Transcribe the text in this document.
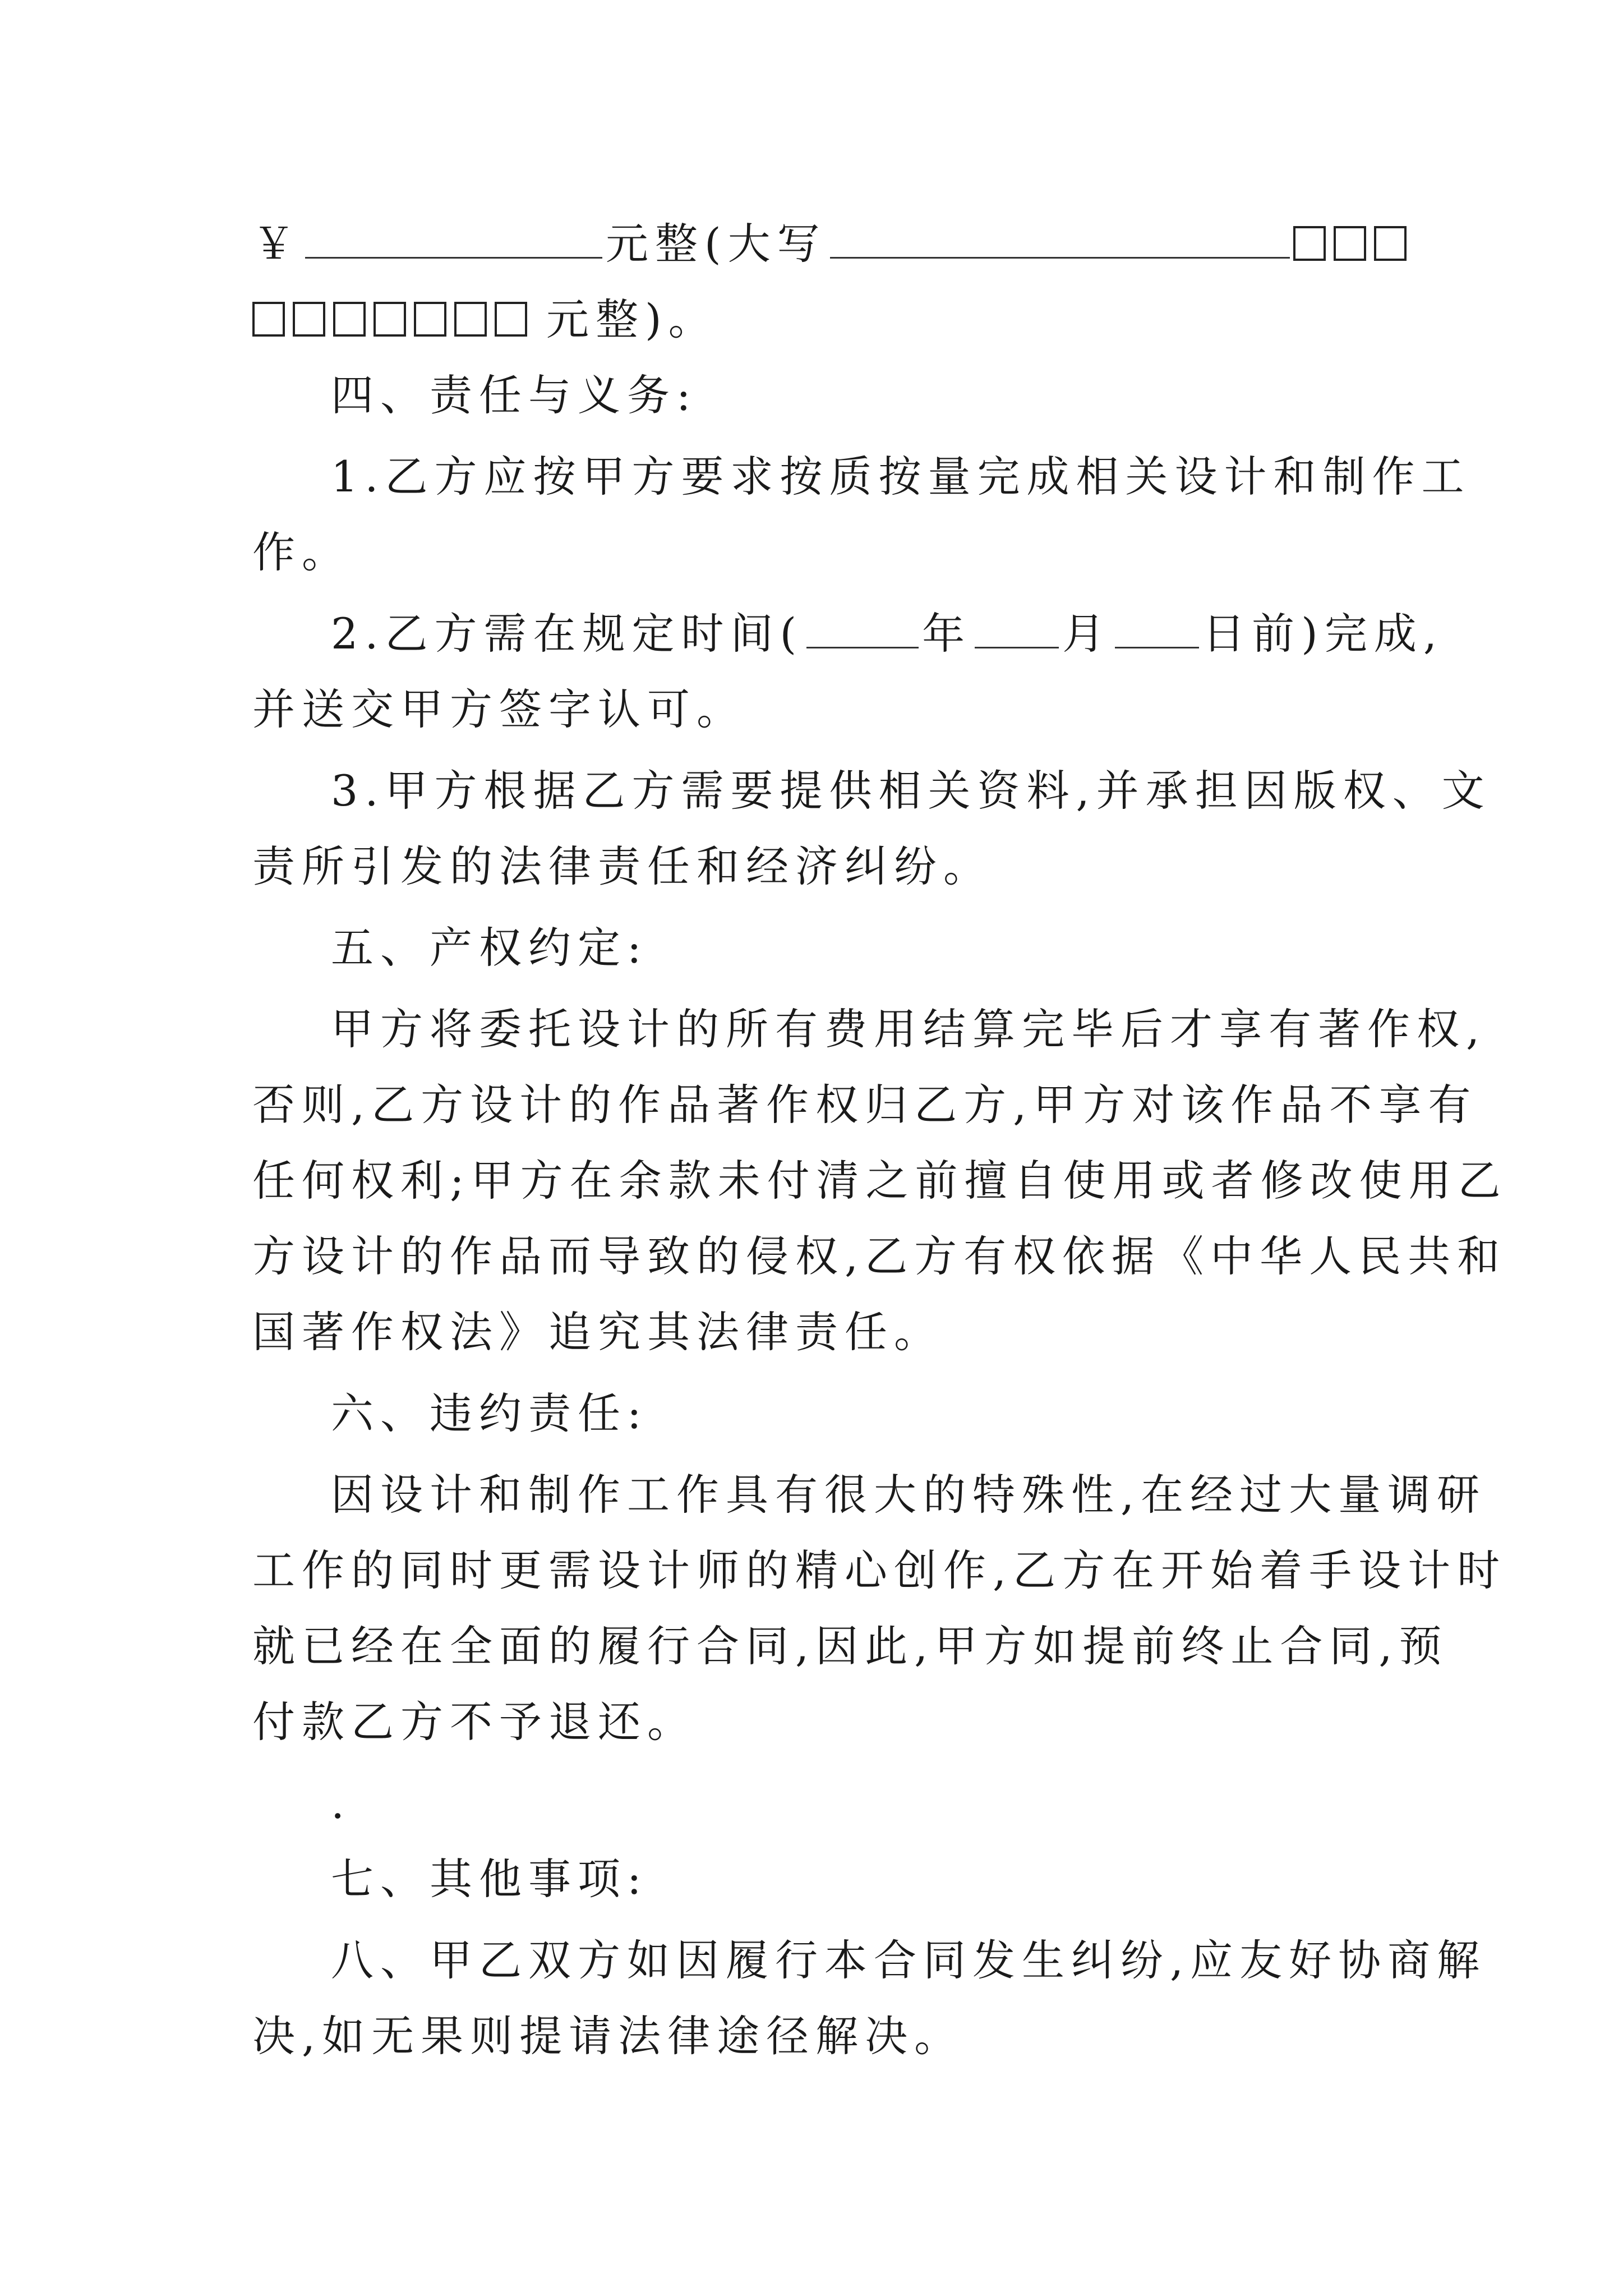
￥	元整(大写
元整)。
四、责任与义务:
1.乙方应按甲方要求按质按量完成相关设计和制作工
作。
2.乙方需在规定时间(	年 月 日前)完成,
并送交甲方签字认可。
3.甲方根据乙方需要提供相关资料,并承担因版权、文
责所引发的法律责任和经济纠纷。
五、产权约定:
甲方将委托设计的所有费用结算完毕后才享有著作权,
否则,乙方设计的作品著作权归乙方,甲方对该作品不享有
任何权利;甲方在余款未付清之前擅自使用或者修改使用乙
方设计的作品而导致的侵权,乙方有权依据《中华人民共和
国著作权法》追究其法律责任。
六、违约责任:
因设计和制作工作具有很大的特殊性,在经过大量调研
工作的同时更需设计师的精心创作,乙方在开始着手设计时
就已经在全面的履行合同,因此,甲方如提前终止合同,预
付款乙方不予退还。
.
七、其他事项:
八、甲乙双方如因履行本合同发生纠纷,应友好协商解
决,如无果则提请法律途径解决。
